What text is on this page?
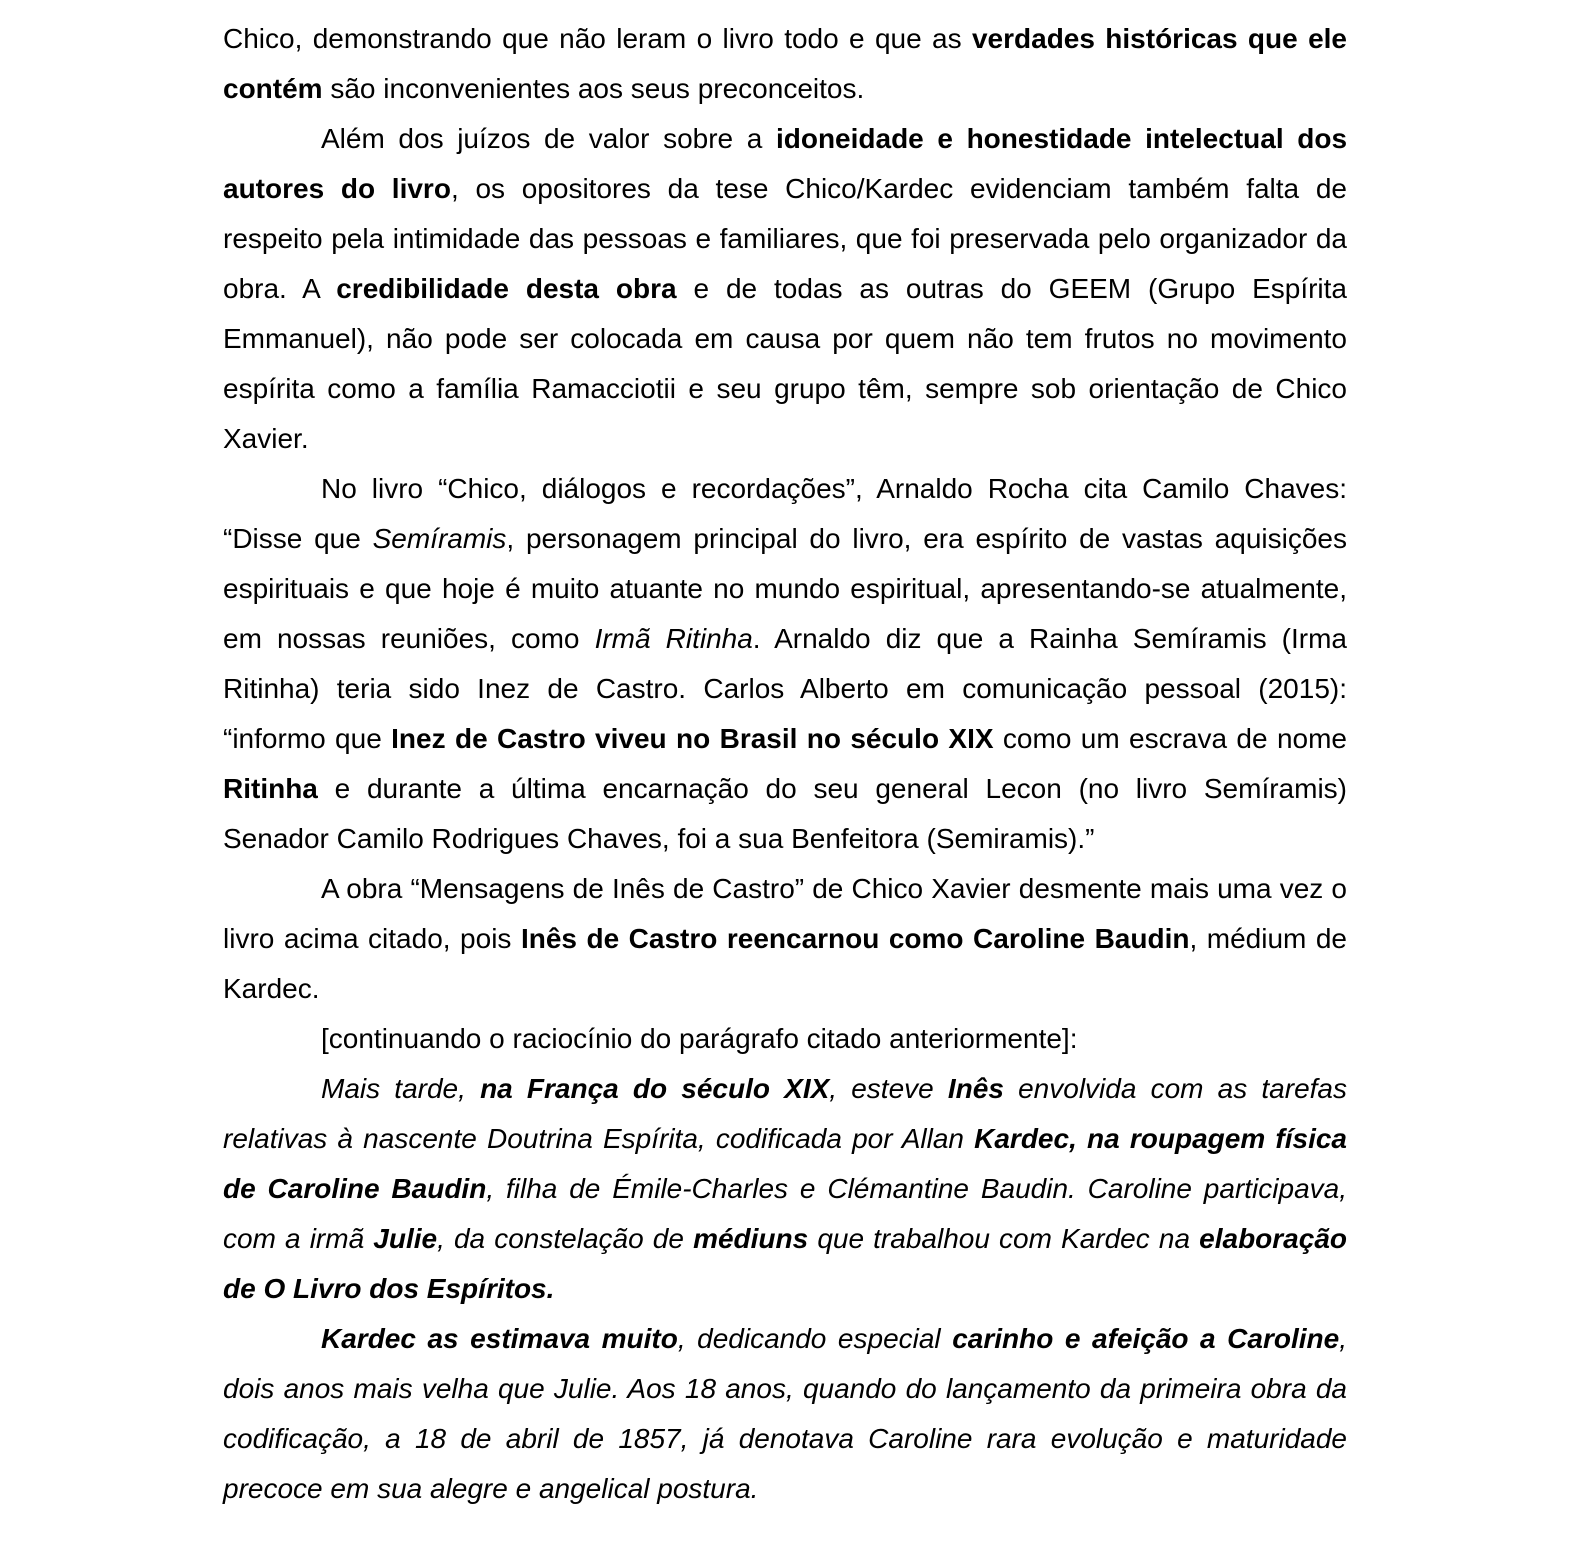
Chico, demonstrando que não leram o livro todo e que as verdades históricas que ele contém são inconvenientes aos seus preconceitos.

Além dos juízos de valor sobre a idoneidade e honestidade intelectual dos autores do livro, os opositores da tese Chico/Kardec evidenciam também falta de respeito pela intimidade das pessoas e familiares, que foi preservada pelo organizador da obra. A credibilidade desta obra e de todas as outras do GEEM (Grupo Espírita Emmanuel), não pode ser colocada em causa por quem não tem frutos no movimento espírita como a família Ramacciotii e seu grupo têm, sempre sob orientação de Chico Xavier.

No livro “Chico, diálogos e recordações”, Arnaldo Rocha cita Camilo Chaves: “Disse que Semíramis, personagem principal do livro, era espírito de vastas aquisições espirituais e que hoje é muito atuante no mundo espiritual, apresentando-se atualmente, em nossas reuniões, como Irmã Ritinha. Arnaldo diz que a Rainha Semíramis (Irma Ritinha) teria sido Inez de Castro. Carlos Alberto em comunicação pessoal (2015): “informo que Inez de Castro viveu no Brasil no século XIX como um escrava de nome Ritinha e durante a última encarnação do seu general Lecon (no livro Semíramis) Senador Camilo Rodrigues Chaves, foi a sua Benfeitora (Semiramis).”

A obra “Mensagens de Inês de Castro” de Chico Xavier desmente mais uma vez o livro acima citado, pois Inês de Castro reencarnou como Caroline Baudin, médium de Kardec.

[continuando o raciocínio do parágrafo citado anteriormente]:

Mais tarde, na França do século XIX, esteve Inês envolvida com as tarefas relativas à nascente Doutrina Espírita, codificada por Allan Kardec, na roupagem física de Caroline Baudin, filha de Émile-Charles e Clémantine Baudin. Caroline participava, com a irmã Julie, da constelação de médiuns que trabalhou com Kardec na elaboração de O Livro dos Espíritos.

Kardec as estimava muito, dedicando especial carinho e afeição a Caroline, dois anos mais velha que Julie. Aos 18 anos, quando do lançamento da primeira obra da codificação, a 18 de abril de 1857, já denotava Caroline rara evolução e maturidade precoce em sua alegre e angelical postura.
